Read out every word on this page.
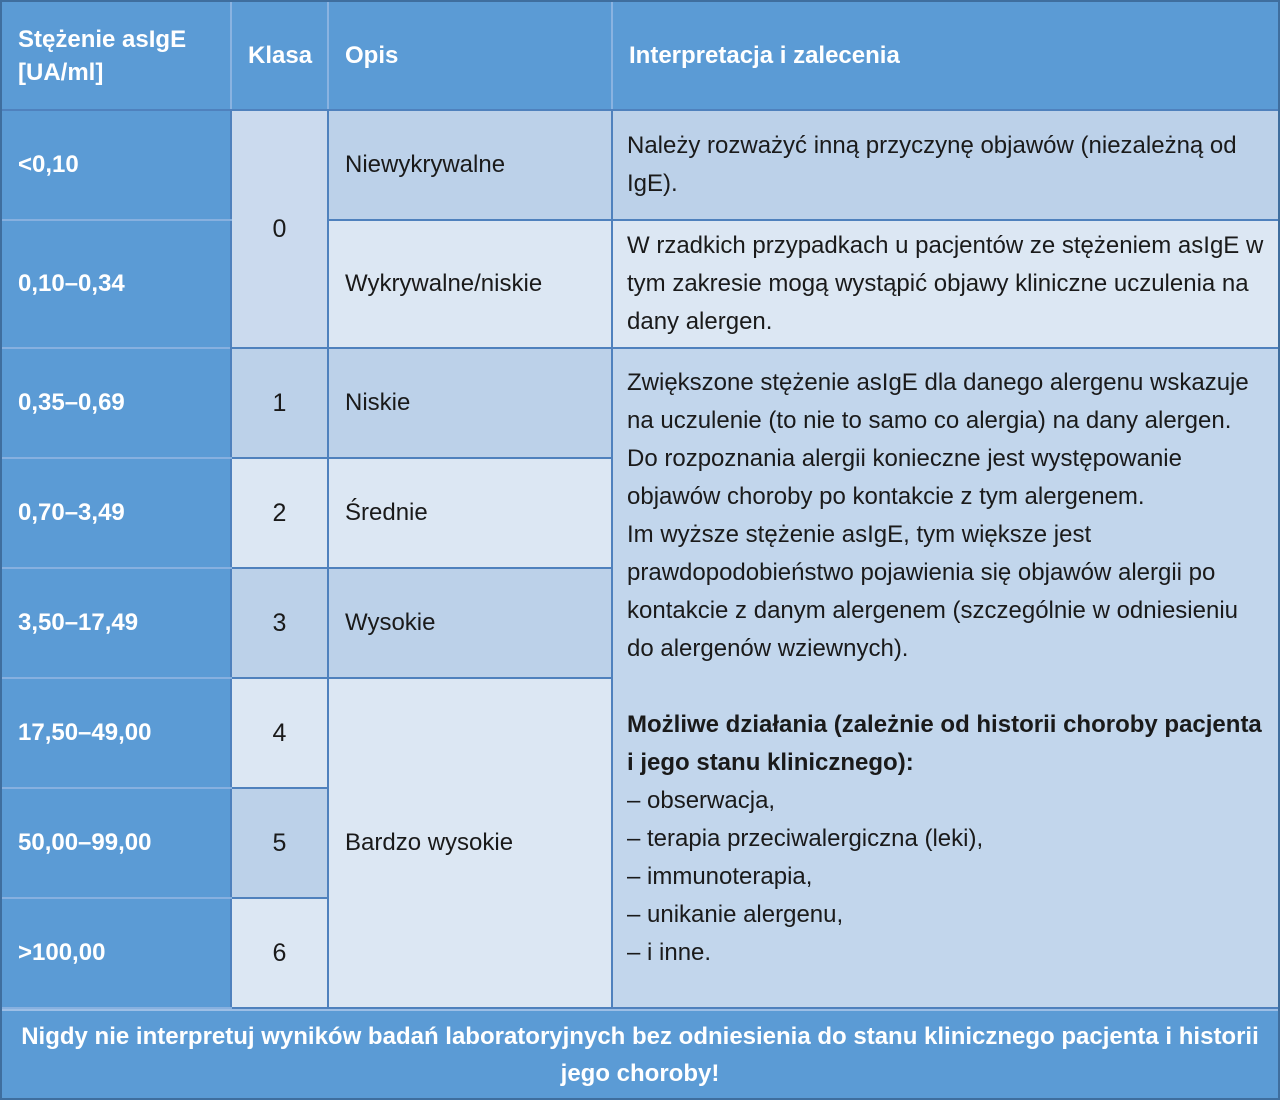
Stężenie asIgE [UA/ml]	Klasa	Opis	Interpretacja i zalecenia
<0,10	0	Niewykrywalne	Należy rozważyć inną przyczynę objawów (niezależną od IgE).
0,10–0,34		Wykrywalne/niskie	W rzadkich przypadkach u pacjentów ze stężeniem asIgE w tym zakresie mogą wystąpić objawy kliniczne uczulenia na dany alergen.
0,35–0,69	1	Niskie	
Zwiększone stężenie asIgE dla danego alergenu wskazuje na uczulenie (to nie to samo co alergia) na dany alergen. Do rozpoznania alergii konieczne jest występowanie objawów choroby po kontakcie z tym alergenem.
Im wyższe stężenie asIgE, tym większe jest prawdopodobieństwo pojawienia się objawów alergii po kontakcie z danym alergenem (szczególnie w odniesieniu do alergenów wziewnych).
Możliwe działania (zależnie od historii choroby pacjenta i jego stanu klinicznego):
– obserwacja,
– terapia przeciwalergiczna (leki),
– immunoterapia,
– unikanie alergenu,
– i inne.

0,70–3,49	2	Średnie	
3,50–17,49	3	Wysokie	
17,50–49,00	4	Bardzo wysokie	
50,00–99,00	5		
>100,00	6		
Nigdy nie interpretuj wyników badań laboratoryjnych bez odniesienia do stanu klinicznego pacjenta i historii jego choroby!
